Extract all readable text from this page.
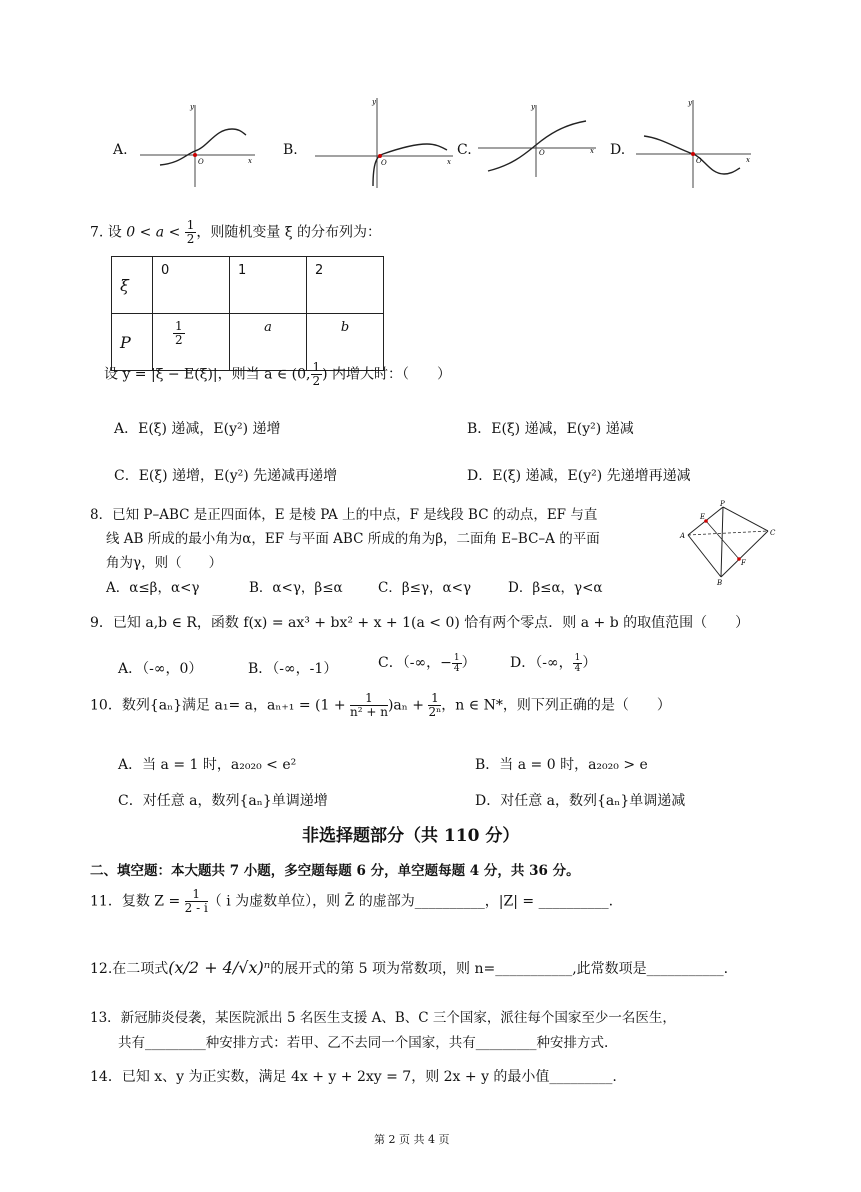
A.
y
x
O
B.
y
x
O
C.
y
x
O	D.
y
x
O
7. 设 $0 < a < \frac{1}{2}$ ，则随机变量 ξ 的分布列为：
ξ	0	1	2
P	$\frac{1}{2}$	a	b
设 y = |ξ − E(ξ)|，则当 a ∈ (0, $\frac{1}{2}$ ) 内增大时：（　　）
A．E(ξ) 递减，E(y²) 递增	B．E(ξ) 递减，E(y²) 递减
C．E(ξ) 递增，E(y²) 先递减再递增	D．E(ξ) 递减，E(y²) 先递增再递减
8．已知 P–ABC 是正四面体，E 是棱 PA 上的中点，F 是线段 BC 的动点，EF 与直
线 AB 所成的最小角为α，EF 与平面 ABC 所成的角为β，二面角 E–BC–A 的平面
角为γ，则（　　）
A．α≤β，α<γ	B．α<γ，β≤α	C．β≤γ，α<γ	D．β≤α，γ<α
P
E
A	C
F
B
9．已知 a,b ∈ R，函数 f(x) = ax³ + bx² + x + 1(a < 0) 恰有两个零点．则 a + b 的取值范围（　　）
A．（-∞，0）	B．（-∞，-1）	C．（-∞，− $\frac{1}{4}$ ） D．（-∞， $\frac{1}{4}$ ）
10．数列{aₙ}满足 a₁= a，$a_{n+1} = (1 + \frac{1}{\text{n² + n}} )a_n + \frac{1}{\text{2ⁿ}}$ ，n ∈ N*，则下列正确的是（　　）
A．当 a = 1 时，a₂₀₂₀ < e²	B．当 a = 0 时，a₂₀₂₀ > e
C．对任意 a，数列{aₙ}单调递增	D．对任意 a，数列{aₙ}单调递减
非选择题部分（共 110 分）
二、填空题：本大题共 7 小题，多空题每题 6 分，单空题每题 4 分，共 36 分。
11．复数 $Z = \frac{1}{2 - i}$ （ i 为虚数单位），则 Z̄ 的虚部为__________，|Z| = __________.
12.在二项式(x/2 + 4/√x)ⁿ的展开式的第 5 项为常数项，则 n=___________,此常数项是___________.
13．新冠肺炎侵袭，某医院派出 5 名医生支援 A、B、C 三个国家，派往每个国家至少一名医生，
共有_________种安排方式：若甲、乙不去同一个国家，共有_________种安排方式.
14．已知 x、y 为正实数，满足 4x + y + 2xy = 7，则 2x + y 的最小值_________.
第 2 页 共 4 页
